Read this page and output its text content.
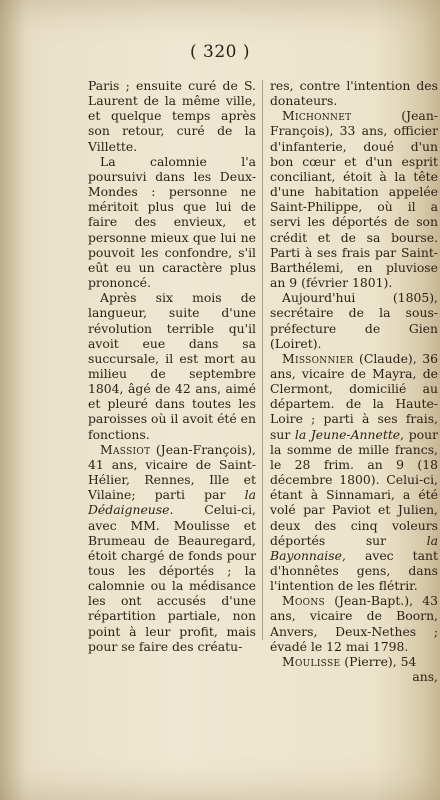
( 320 )

Paris ; ensuite curé de S. Laurent de la même ville, et quelque temps après son retour, curé de la Villette.

La calomnie l'a poursuivi dans les Deux-Mondes : personne ne méritoit plus que lui de faire des envieux, et personne mieux que lui ne pouvoit les confondre, s'il eût eu un caractère plus prononcé.

Après six mois de langueur, suite d'une révolution terrible qu'il avoit eue dans sa succursale, il est mort au milieu de septembre 1804, âgé de 42 ans, aimé et pleuré dans toutes les paroisses où il avoit été en fonctions.

Massiot (Jean-François), 41 ans, vicaire de Saint-Hélier, Rennes, Ille et Vilaine; parti par la Dédaigneuse. Celui-ci, avec MM. Moulisse et Brumeau de Beauregard, étoit chargé de fonds pour tous les déportés ; la calomnie ou la médisance les ont accusés d'une répartition partiale, non point à leur profit, mais pour se faire des créatu-

res, contre l'intention des donateurs.

Michonnet (Jean-François), 33 ans, officier d'infanterie, doué d'un bon cœur et d'un esprit conciliant, étoit à la tête d'une habitation appelée Saint-Philippe, où il a servi les déportés de son crédit et de sa bourse. Parti à ses frais par Saint-Barthélemi, en pluviose an 9 (février 1801).

Aujourd'hui (1805), secrétaire de la sous-préfecture de Gien (Loiret).

Missonnier (Claude), 36 ans, vicaire de Mayra, de Clermont, domicilié au départem. de la Haute-Loire ; parti à ses frais, sur la Jeune-Annette, pour la somme de mille francs, le 28 frim. an 9 (18 décembre 1800). Celui-ci, étant à Sinnamari, a été volé par Paviot et Julien, deux des cinq voleurs déportés sur la Bayonnaise, avec tant d'honnêtes gens, dans l'intention de les flétrir.

Moons (Jean-Bapt.), 43 ans, vicaire de Boorn, Anvers, Deux-Nethes ; évadé le 12 mai 1798.

Moulisse (Pierre), 54

ans,
